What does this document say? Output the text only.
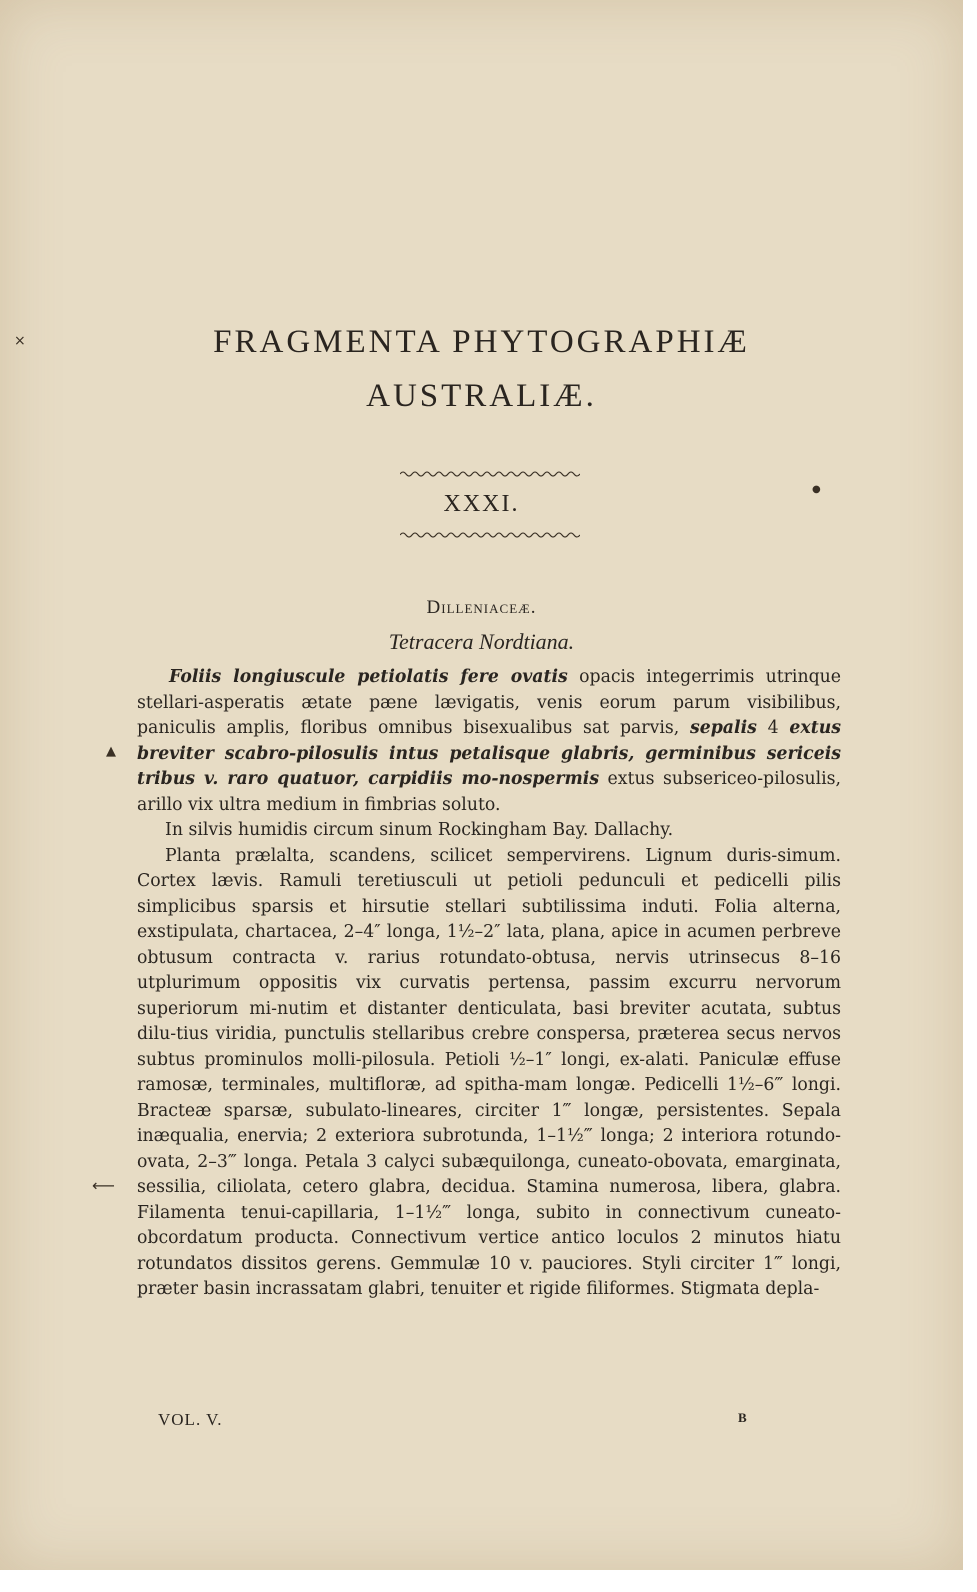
FRAGMENTA PHYTOGRAPHIÆ
AUSTRALIÆ.
XXXI.
Dilleniaceæ.
Tetracera Nordtiana.

Foliis longiuscule petiolatis fere ovatis opacis integerrimis utrinque stellari-asperatis ætate pæne lævigatis, venis eorum parum visibilibus, paniculis amplis, floribus omnibus bisexualibus sat parvis, sepalis 4 extus breviter scabro-pilosulis intus petalisque glabris, germinibus sericeis tribus v. raro quatuor, carpidiis mo-nospermis extus subsericeo-pilosulis, arillo vix ultra medium in fimbrias soluto.

In silvis humidis circum sinum Rockingham Bay. Dallachy.

Planta prælalta, scandens, scilicet sempervirens. Lignum duris-simum. Cortex lævis. Ramuli teretiusculi ut petioli pedunculi et pedicelli pilis simplicibus sparsis et hirsutie stellari subtilissima induti. Folia alterna, exstipulata, chartacea, 2–4″ longa, 1½–2″ lata, plana, apice in acumen perbreve obtusum contracta v. rarius rotundato-obtusa, nervis utrinsecus 8–16 utplurimum oppositis vix curvatis pertensa, passim excurru nervorum superiorum mi-nutim et distanter denticulata, basi breviter acutata, subtus dilu-tius viridia, punctulis stellaribus crebre conspersa, præterea secus nervos subtus prominulos molli-pilosula. Petioli ½–1″ longi, ex-alati. Paniculæ effuse ramosæ, terminales, multifloræ, ad spitha-mam longæ. Pedicelli 1½–6‴ longi. Bracteæ sparsæ, subulato-lineares, circiter 1‴ longæ, persistentes. Sepala inæqualia, enervia; 2 exteriora subrotunda, 1–1½‴ longa; 2 interiora rotundo-ovata, 2–3‴ longa. Petala 3 calyci subæquilonga, cuneato-obovata, emarginata, sessilia, ciliolata, cetero glabra, decidua. Stamina numerosa, libera, glabra. Filamenta tenui-capillaria, 1–1½‴ longa, subito in connectivum cuneato-obcordatum producta. Connectivum vertice antico loculos 2 minutos hiatu rotundatos dissitos gerens. Gemmulæ 10 v. pauciores. Styli circiter 1‴ longi, præter basin incrassatam glabri, tenuiter et rigide filiformes. Stigmata depla-

VOL. V.	B
×
▲
⟵
●
